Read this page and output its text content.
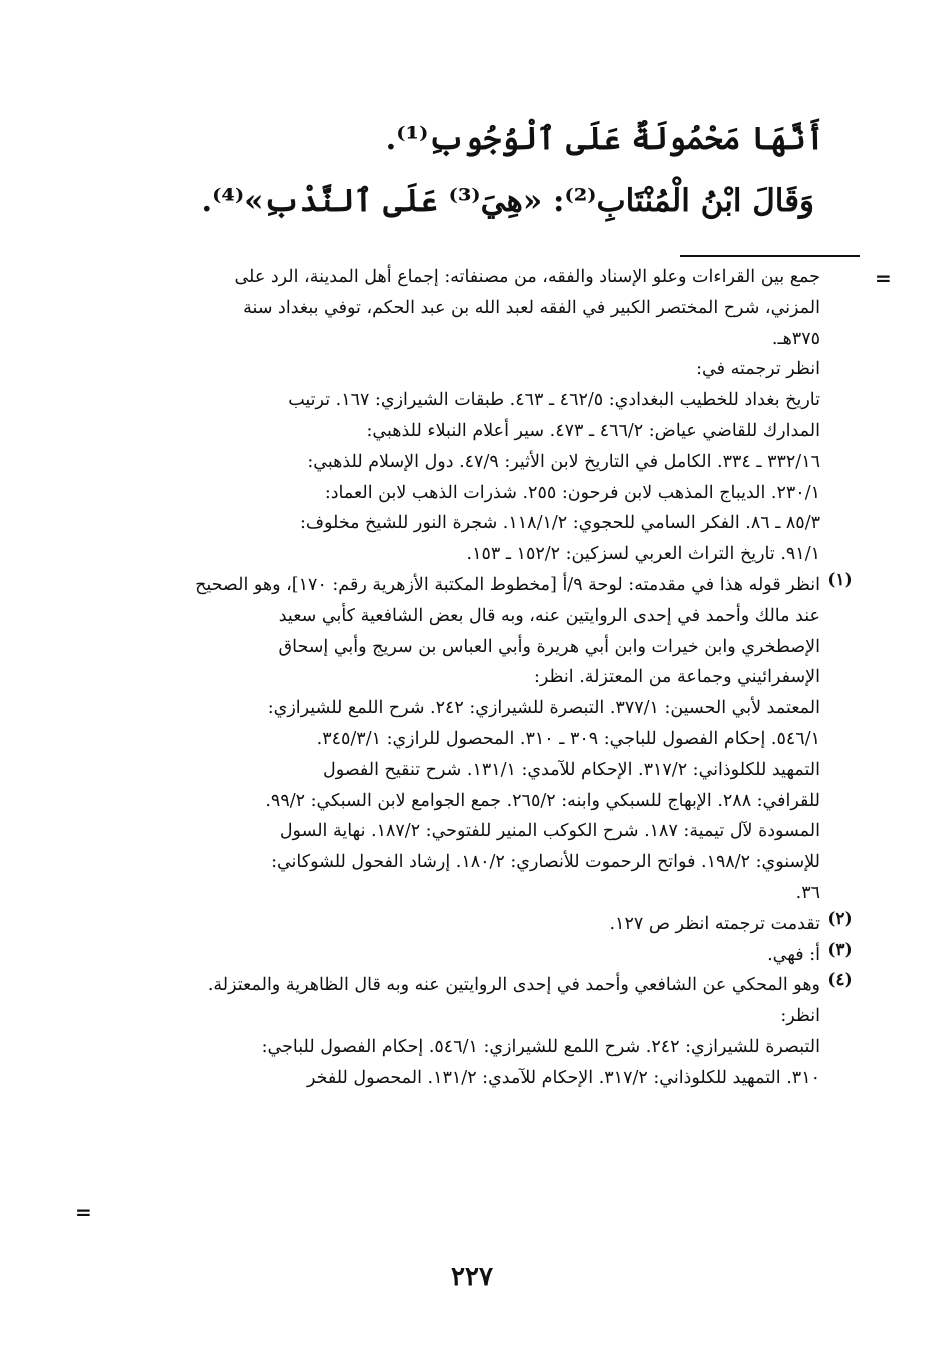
أَنَّهَا مَحْمُولَةٌ عَلَى ٱلْوُجُوبِ⁽¹⁾.
وَقَالَ ابْنُ الْمُنْتَابِ⁽²⁾: «هِيَ⁽³⁾ عَلَى ٱلنَّدْبِ»⁽⁴⁾.
=
جمع بين القراءات وعلو الإسناد والفقه، من مصنفاته: إجماع أهل المدينة، الرد على
المزني، شرح المختصر الكبير في الفقه لعبد الله بن عبد الحكم، توفي ببغداد سنة
٣٧٥هـ.
انظر ترجمته في:
تاريخ بغداد للخطيب البغدادي: ٤٦٢/٥ ـ ٤٦٣. طبقات الشيرازي: ١٦٧. ترتيب
المدارك للقاضي عياض: ٤٦٦/٢ ـ ٤٧٣. سير أعلام النبلاء للذهبي:
٣٣٢/١٦ ـ ٣٣٤. الكامل في التاريخ لابن الأثير: ٤٧/٩. دول الإسلام للذهبي:
٢٣٠/١. الديباج المذهب لابن فرحون: ٢٥٥. شذرات الذهب لابن العماد:
٨٥/٣ ـ ٨٦. الفكر السامي للحجوي: ١١٨/١/٢. شجرة النور للشيخ مخلوف:
٩١/١. تاريخ التراث العربي لسزكين: ١٥٢/٢ ـ ١٥٣.
(١)
انظر قوله هذا في مقدمته: لوحة ٩/أ [مخطوط المكتبة الأزهرية رقم: ١٧٠]، وهو الصحيح
عند مالك وأحمد في إحدى الروايتين عنه، وبه قال بعض الشافعية كأبي سعيد
الإصطخري وابن خيرات وابن أبي هريرة وأبي العباس بن سريج وأبي إسحاق
الإسفرائيني وجماعة من المعتزلة. انظر:
المعتمد لأبي الحسين: ٣٧٧/١. التبصرة للشيرازي: ٢٤٢. شرح اللمع للشيرازي:
٥٤٦/١. إحكام الفصول للباجي: ٣٠٩ ـ ٣١٠. المحصول للرازي: ٣٤٥/٣/١.
التمهيد للكلوذاني: ٣١٧/٢. الإحكام للآمدي: ١٣١/١. شرح تنقيح الفصول
للقرافي: ٢٨٨. الإبهاج للسبكي وابنه: ٢٦٥/٢. جمع الجوامع لابن السبكي: ٩٩/٢.
المسودة لآل تيمية: ١٨٧. شرح الكوكب المنير للفتوحي: ١٨٧/٢. نهاية السول
للإسنوي: ١٩٨/٢. فواتح الرحموت للأنصاري: ١٨٠/٢. إرشاد الفحول للشوكاني:
٣٦.
(٢)
تقدمت ترجمته انظر ص ١٢٧.
(٣)
أ: فهي.
(٤)
وهو المحكي عن الشافعي وأحمد في إحدى الروايتين عنه وبه قال الظاهرية والمعتزلة.
انظر:
التبصرة للشيرازي: ٢٤٢. شرح اللمع للشيرازي: ٥٤٦/١. إحكام الفصول للباجي:
٣١٠. التمهيد للكلوذاني: ٣١٧/٢. الإحكام للآمدي: ١٣١/٢. المحصول للفخر
=
٢٢٧
